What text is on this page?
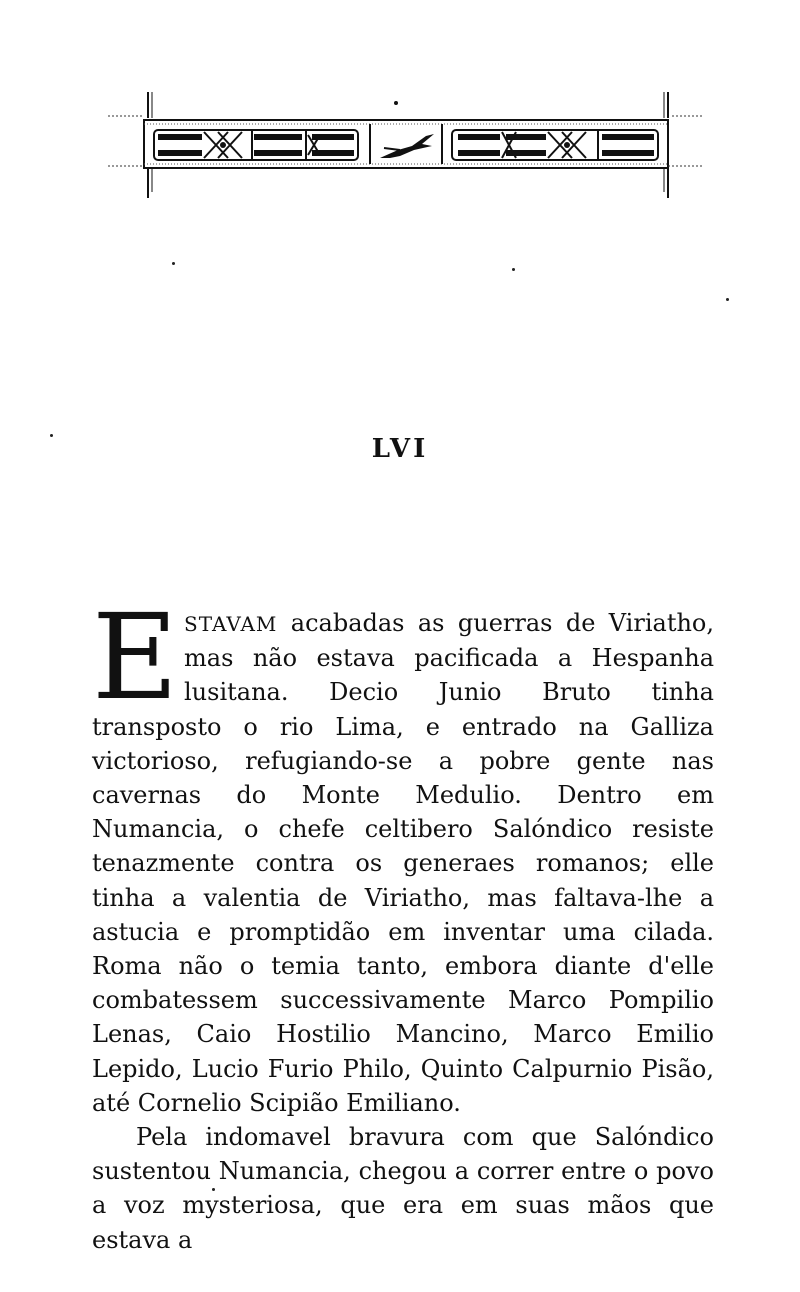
LVI

E STAVAM acabadas as guerras de Viriatho, mas não estava pacificada a Hespanha lusitana. Decio Junio Bruto tinha transposto o rio Lima, e entrado na Galliza victorioso, refugiando-se a pobre gente nas cavernas do Monte Medulio. Dentro em Numancia, o chefe celtibero Salóndico resiste tenazmente contra os generaes romanos; elle tinha a valentia de Viriatho, mas faltava-lhe a astucia e promptidão em inventar uma cilada. Roma não o temia tanto, embora diante d'elle combatessem successivamente Marco Pompilio Lenas, Caio Hostilio Mancino, Marco Emilio Lepido, Lucio Furio Philo, Quinto Calpurnio Pisão, até Cornelio Scipião Emiliano.

Pela indomavel bravura com que Salóndico sustentou Numancia, chegou a correr entre o povo a voz mysteriosa, que era em suas mãos que estava a
